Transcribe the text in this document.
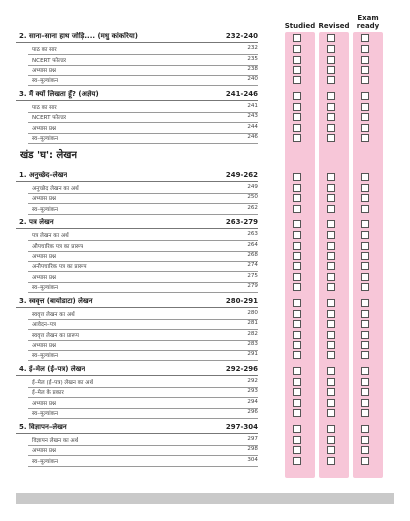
Studied Revised
Exam ready
2. साना–साना हाथ जोड़ि.... (मधु कांकरिया)	232-240
पाठ का सार	232
NCERT फोल्डर	235
अभ्यास प्रश्न	238
स्व–मूल्यांकन	240
3. मैं क्यों लिखता हूँ? (अज्ञेय)	241-246
पाठ का सार	241
NCERT फोल्डर	243
अभ्यास प्रश्न	244
स्व–मूल्यांकन	246
खंड 'घ': लेखन
1. अनुच्छेद–लेखन	249-262
अनुच्छेद लेखन का अर्थ	249
अभ्यास प्रश्न	250
स्व–मूल्यांकन	262
2. पत्र लेखन	263-279
पत्र लेखन का अर्थ	263
औपचारिक पत्र का प्रारूप	264
अभ्यास प्रश्न	268
अनौपचारिक पत्र का प्रारूप	274
अभ्यास प्रश्न	275
स्व–मूल्यांकन	279
3. स्ववृत्त (बायोडाटा) लेखन	280-291
स्ववृत्त लेखन का अर्थ	280
आवेदन–पत्र	281
स्ववृत्त लेखन का प्रारूप	282
अभ्यास प्रश्न	283
स्व–मूल्यांकन	291
4. ई–मेल (ई–पत्र) लेखन	292-296
ई–मेल (ई–पत्र) लेखन का अर्थ	292
ई–मेल के प्रकार	293
अभ्यास प्रश्न	294
स्व–मूल्यांकन	296
5. विज्ञापन–लेखन	297-304
विज्ञापन लेखन का अर्थ	297
अभ्यास प्रश्न	298
स्व–मूल्यांकन	304
